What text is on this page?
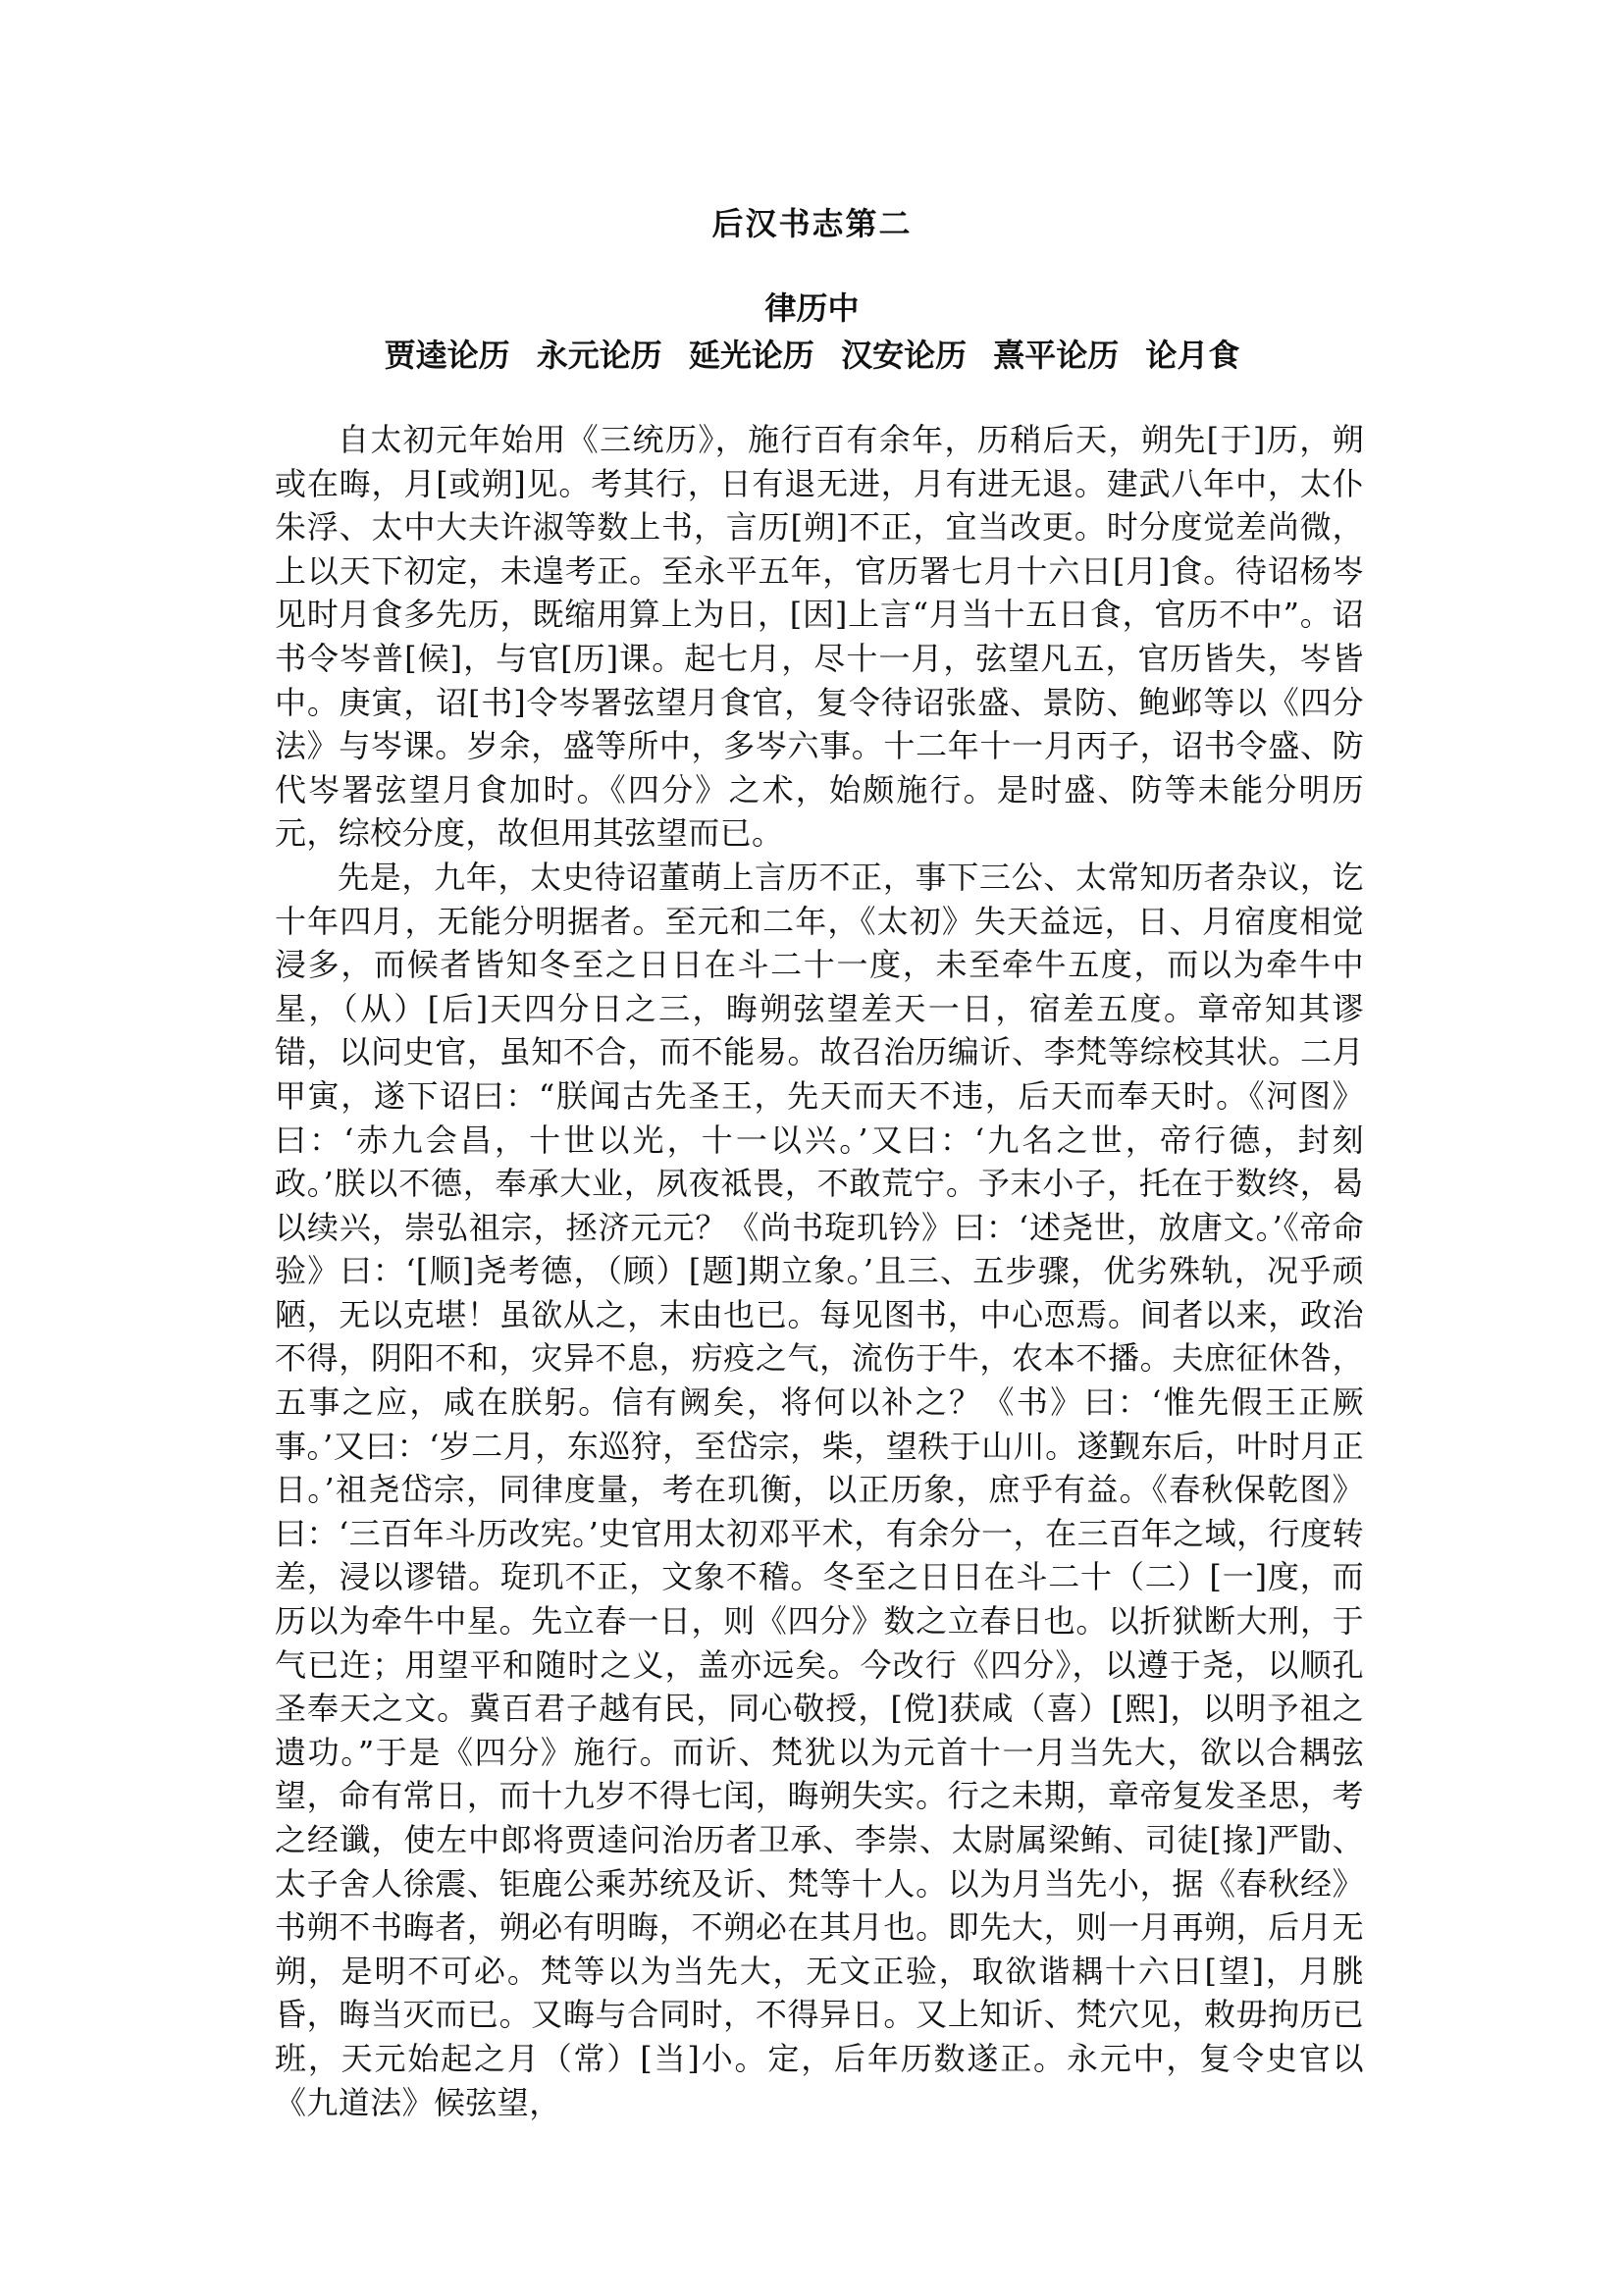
后汉书志第二
律历中
贾逵论历 永元论历 延光论历 汉安论历 熹平论历 论月食

自太初元年始用《三统历》，施行百有余年，历稍后天，朔先[于]历，朔或在晦，月[或朔]见。考其行，日有退无进，月有进无退。建武八年中，太仆朱浮、太中大夫许淑等数上书，言历[朔]不正，宜当改更。时分度觉差尚微，上以天下初定，未遑考正。至永平五年，官历署七月十六日[月]食。待诏杨岑见时月食多先历，既缩用算上为日，[因]上言“月当十五日食，官历不中”。诏书令岑普[候]，与官[历]课。起七月，尽十一月，弦望凡五，官历皆失，岑皆中。庚寅，诏[书]令岑署弦望月食官，复令待诏张盛、景防、鲍邺等以《四分法》与岑课。岁余，盛等所中，多岑六事。十二年十一月丙子，诏书令盛、防代岑署弦望月食加时。《四分》之术，始颇施行。是时盛、防等未能分明历元，综校分度，故但用其弦望而已。

先是，九年，太史待诏董萌上言历不正，事下三公、太常知历者杂议，讫十年四月，无能分明据者。至元和二年，《太初》失天益远，日、月宿度相觉浸多，而候者皆知冬至之日日在斗二十一度，未至牵牛五度，而以为牵牛中星，（从）[后]天四分日之三，晦朔弦望差天一日，宿差五度。章帝知其谬错，以问史官，虽知不合，而不能易。故召治历编䜣、李梵等综校其状。二月甲寅，遂下诏曰：“朕闻古先圣王，先天而天不违，后天而奉天时。《河图》曰：‘赤九会昌，十世以光，十一以兴。’又曰：‘九名之世，帝行德，封刻政。’朕以不德，奉承大业，夙夜祗畏，不敢荒宁。予末小子，托在于数终，曷以续兴，崇弘祖宗，拯济元元？《尚书琁玑钤》曰：‘述尧世，放唐文。’《帝命验》曰：‘[顺]尧考德，（顾）[题]期立象。’且三、五步骤，优劣殊轨，况乎顽陋，无以克堪！虽欲从之，末由也已。每见图书，中心恧焉。间者以来，政治不得，阴阳不和，灾异不息，疠疫之气，流伤于牛，农本不播。夫庶征休咎，五事之应，咸在朕躬。信有阙矣，将何以补之？《书》曰：‘惟先假王正厥事。’又曰：‘岁二月，东巡狩，至岱宗，柴，望秩于山川。遂觐东后，叶时月正日。’祖尧岱宗，同律度量，考在玑衡，以正历象，庶乎有益。《春秋保乾图》曰：‘三百年斗历改宪。’史官用太初邓平术，有余分一，在三百年之域，行度转差，浸以谬错。琁玑不正，文象不稽。冬至之日日在斗二十（二）[一]度，而历以为牵牛中星。先立春一日，则《四分》数之立春日也。以折狱断大刑，于气已迕；用望平和随时之义，盖亦远矣。今改行《四分》，以遵于尧，以顺孔圣奉天之文。冀百君子越有民，同心敬授，[傥]获咸（喜）[熙]，以明予祖之遗功。”于是《四分》施行。而䜣、梵犹以为元首十一月当先大，欲以合耦弦望，命有常日，而十九岁不得七闰，晦朔失实。行之未期，章帝复发圣思，考之经谶，使左中郎将贾逵问治历者卫承、李崇、太尉属梁鲔、司徒[掾]严勖、太子舍人徐震、钜鹿公乘苏统及䜣、梵等十人。以为月当先小，据《春秋经》书朔不书晦者，朔必有明晦，不朔必在其月也。即先大，则一月再朔，后月无朔，是明不可必。梵等以为当先大，无文正验，取欲谐耦十六日[望]，月朓昏，晦当灭而已。又晦与合同时，不得异日。又上知䜣、梵穴见，敕毋拘历已班，天元始起之月（常）[当]小。定，后年历数遂正。永元中，复令史官以《九道法》候弦望，
